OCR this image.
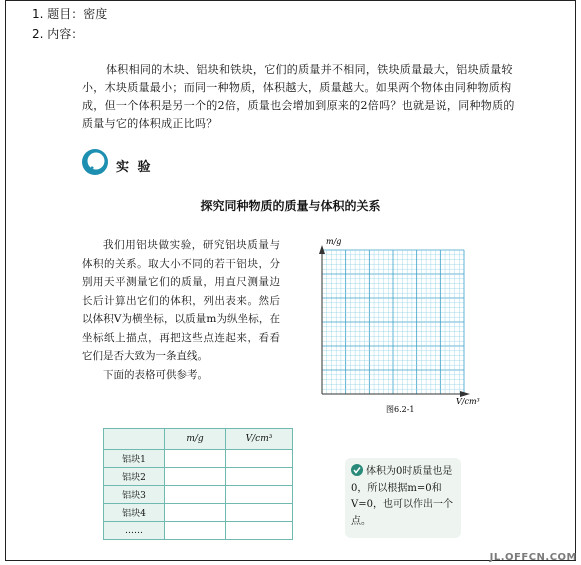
1. 题目：密度
2. 内容：
体积相同的木块、铝块和铁块，它们的质量并不相同，铁块质量最大，铝块质量较小，木块质量最小；而同一种物质，体积越大，质量越大。如果两个物体由同种物质构成，但一个体积是另一个的2倍，质量也会增加到原来的2倍吗？也就是说，同种物质的质量与它的体积成正比吗？
实 验
探究同种物质的质量与体积的关系

我们用铝块做实验，研究铝块质量与体积的关系。取大小不同的若干铝块，分别用天平测量它们的质量，用直尺测量边长后计算出它们的体积，列出表来。然后以体积V为横坐标，以质量m为纵坐标，在坐标纸上描点，再把这些点连起来，看看它们是否大致为一条直线。

下面的表格可供参考。

m/g
V/cm³
图6.2-1
	m/g	V/cm³
铝块1		
铝块2		
铝块3		
铝块4		
……		
体积为0时质量也是0，所以根据m=0和V=0，也可以作出一个点。
JL.OFFCN.COM
